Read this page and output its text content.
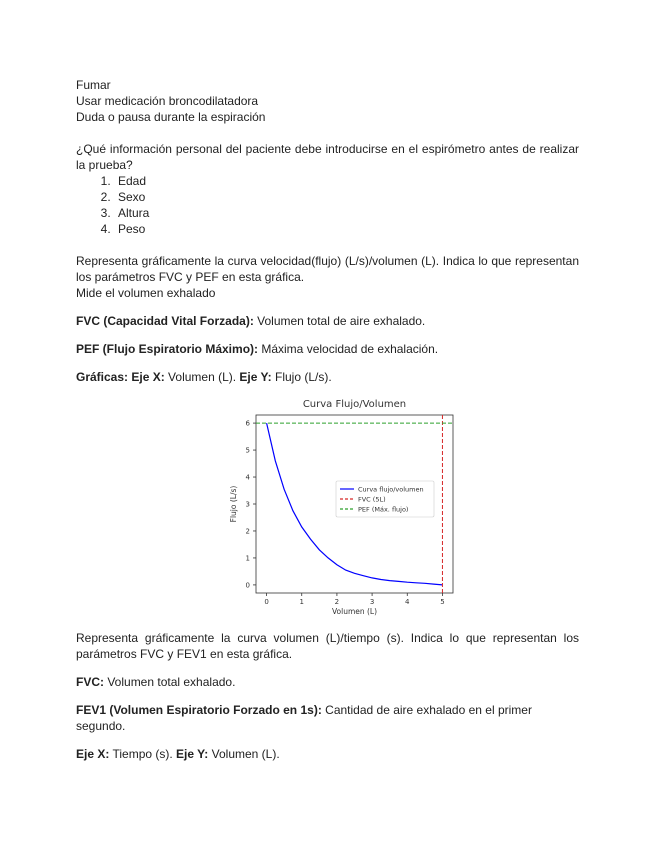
Fumar

Usar medicación broncodilatadora

Duda o pausa durante la espiración

¿Qué información personal del paciente debe introducirse en el espirómetro antes de realizar la prueba?

1. Edad
2. Sexo
3. Altura
4. Peso

Representa gráficamente la curva velocidad(flujo) (L/s)/volumen (L). Indica lo que representan los parámetros FVC y PEF en esta gráfica.

Mide el volumen exhalado

FVC (Capacidad Vital Forzada): Volumen total de aire exhalado.

PEF (Flujo Espiratorio Máximo): Máxima velocidad de exhalación.

Gráficas: Eje X: Volumen (L). Eje Y: Flujo (L/s).

Curva Flujo/Volumen
0	1	2	3	4	5
0
1
2
3
4
5
6
Volumen (L)
Flujo (L/s)	Curva flujo/volumen
FVC (5L)
PEF (Máx. flujo)

Representa gráficamente la curva volumen (L)/tiempo (s). Indica lo que representan los parámetros FVC y FEV1 en esta gráfica.

FVC: Volumen total exhalado.

FEV1 (Volumen Espiratorio Forzado en 1s): Cantidad de aire exhalado en el primer segundo.

Eje X: Tiempo (s). Eje Y: Volumen (L).
